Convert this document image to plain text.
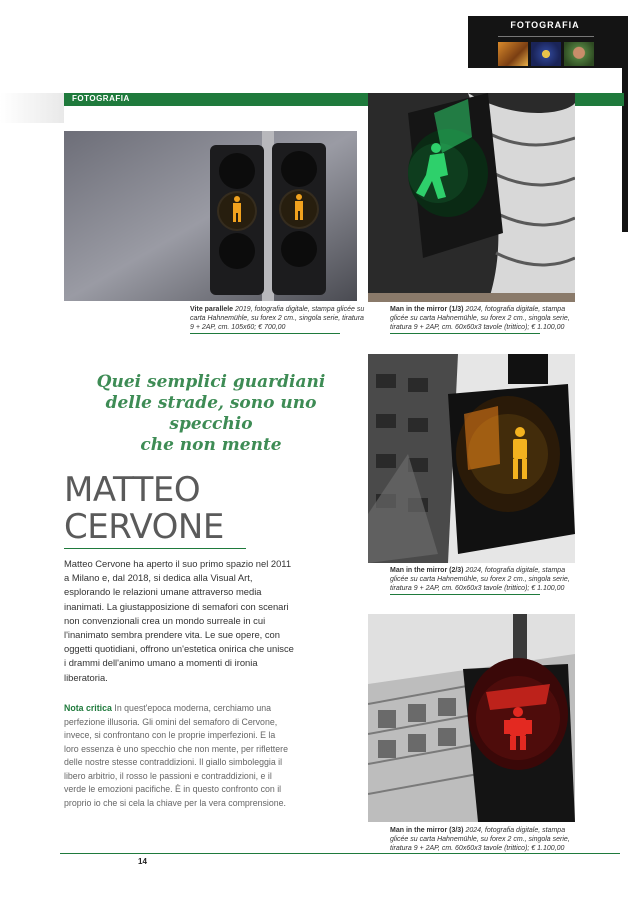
FOTOGRAFIA
FOTOGRAFIA
Vite parallele 2019, fotografia digitale, stampa glicée su carta Hahnemühle, su forex 2 cm., singola serie, tiratura 9 + 2AP, cm. 105x60; € 700,00
Man in the mirror (1/3) 2024, fotografia digitale, stampa glicée su carta Hahnemühle, su forex 2 cm., singola serie, tiratura 9 + 2AP, cm. 60x60x3 tavole (trittico); € 1.100,00
Man in the mirror (2/3) 2024, fotografia digitale, stampa glicée su carta Hahnemühle, su forex 2 cm., singola serie, tiratura 9 + 2AP, cm. 60x60x3 tavole (trittico); € 1.100,00
Man in the mirror (3/3) 2024, fotografia digitale, stampa glicée su carta Hahnemühle, su forex 2 cm., singola serie, tiratura 9 + 2AP, cm. 60x60x3 tavole (trittico); € 1.100,00
Quei semplici guardiani
delle strade, sono uno specchio
che non mente
MATTEO
CERVONE
Matteo Cervone ha aperto il suo primo spazio nel 2011 a Milano e, dal 2018, si dedica alla Visual Art, esplorando le relazioni umane attraverso media inanimati. La giustapposizione di semafori con scenari non convenzionali crea un mondo surreale in cui l'inanimato sembra prendere vita. Le sue opere, con oggetti quotidiani, offrono un'estetica onirica che unisce i drammi dell'animo umano a momenti di ironia liberatoria.
Nota critica In quest'epoca moderna, cerchiamo una perfezione illusoria. Gli omini del semaforo di Cervone, invece, si confrontano con le proprie imperfezioni. E la loro essenza è uno specchio che non mente, per riflettere delle nostre stesse contraddizioni. Il giallo simboleggia il libero arbitrio, il rosso le passioni e contraddizioni, e il verde le emozioni pacifiche. È in questo confronto con il proprio io che si cela la chiave per la vera comprensione.
14
